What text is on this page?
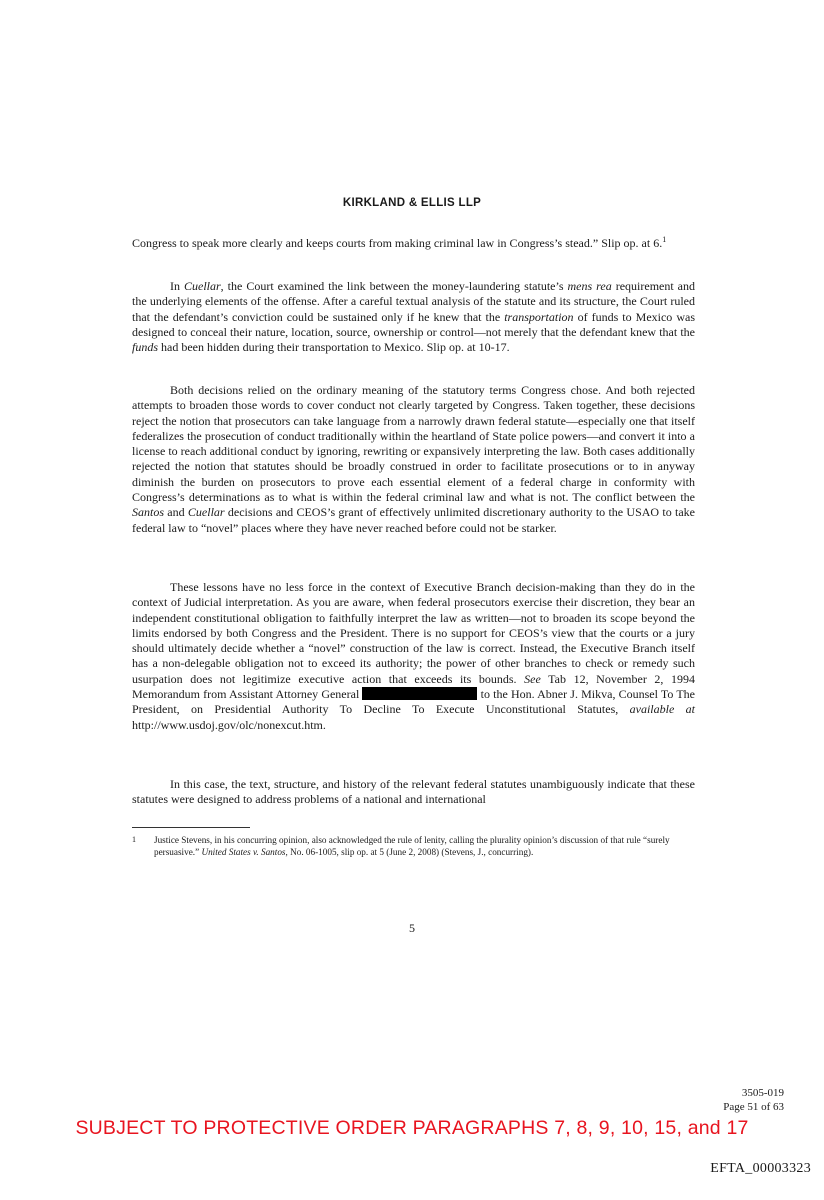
KIRKLAND & ELLIS LLP

Congress to speak more clearly and keeps courts from making criminal law in Congress’s stead.” Slip op. at 6.$^1$

In Cuellar, the Court examined the link between the money-laundering statute’s mens rea requirement and the underlying elements of the offense. After a careful textual analysis of the statute and its structure, the Court ruled that the defendant’s conviction could be sustained only if he knew that the transportation of funds to Mexico was designed to conceal their nature, location, source, ownership or control—not merely that the defendant knew that the funds had been hidden during their transportation to Mexico. Slip op. at 10-17.

Both decisions relied on the ordinary meaning of the statutory terms Congress chose. And both rejected attempts to broaden those words to cover conduct not clearly targeted by Congress. Taken together, these decisions reject the notion that prosecutors can take language from a narrowly drawn federal statute—especially one that itself federalizes the prosecution of conduct traditionally within the heartland of State police powers—and convert it into a license to reach additional conduct by ignoring, rewriting or expansively interpreting the law. Both cases additionally rejected the notion that statutes should be broadly construed in order to facilitate prosecutions or to in anyway diminish the burden on prosecutors to prove each essential element of a federal charge in conformity with Congress’s determinations as to what is within the federal criminal law and what is not. The conflict between the Santos and Cuellar decisions and CEOS’s grant of effectively unlimited discretionary authority to the USAO to take federal law to “novel” places where they have never reached before could not be starker.

These lessons have no less force in the context of Executive Branch decision-making than they do in the context of Judicial interpretation. As you are aware, when federal prosecutors exercise their discretion, they bear an independent constitutional obligation to faithfully interpret the law as written—not to broaden its scope beyond the limits endorsed by both Congress and the President. There is no support for CEOS’s view that the courts or a jury should ultimately decide whether a “novel” construction of the law is correct. Instead, the Executive Branch itself has a non-delegable obligation not to exceed its authority; the power of other branches to check or remedy such usurpation does not legitimize executive action that exceeds its bounds. See Tab 12, November 2, 1994 Memorandum from Assistant Attorney General	to the Hon. Abner J. Mikva, Counsel To The President, on Presidential Authority To Decline To Execute Unconstitutional Statutes, available at http://www.usdoj.gov/olc/nonexcut.htm.

In this case, the text, structure, and history of the relevant federal statutes unambiguously indicate that these statutes were designed to address problems of a national and international

1 Justice Stevens, in his concurring opinion, also acknowledged the rule of lenity, calling the plurality opinion’s discussion of that rule “surely persuasive.” United States v. Santos, No. 06-1005, slip op. at 5 (June 2, 2008) (Stevens, J., concurring).
5
3505-019
Page 51 of 63
SUBJECT TO PROTECTIVE ORDER PARAGRAPHS 7, 8, 9, 10, 15, and 17
EFTA_00003323
